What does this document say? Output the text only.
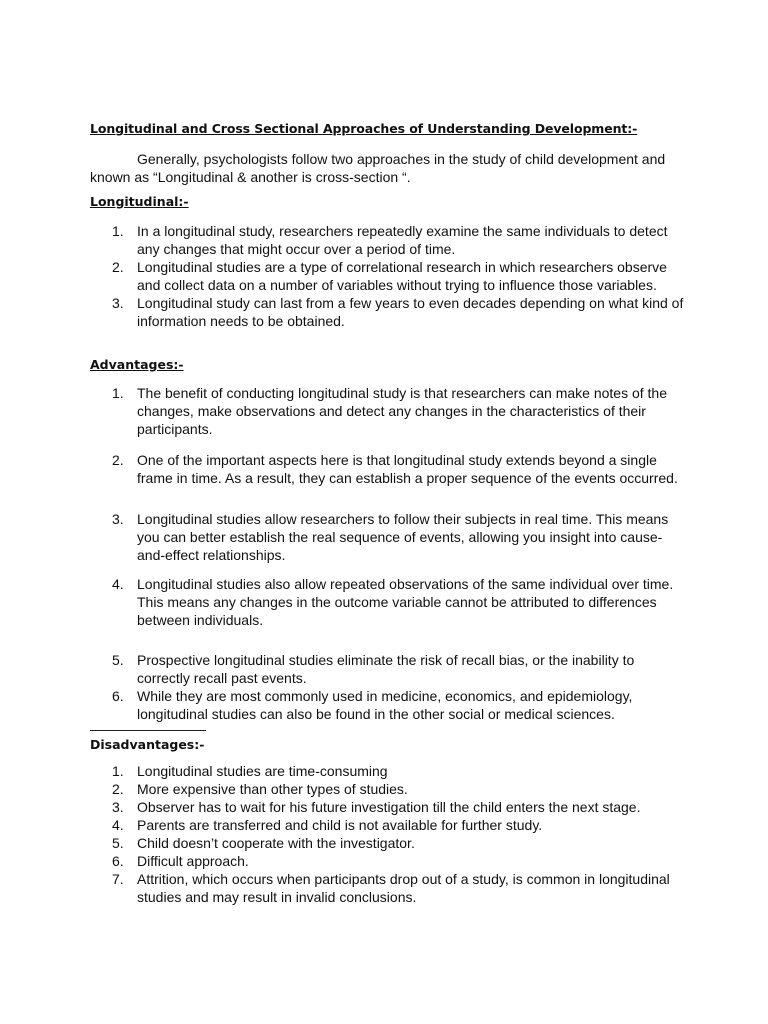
Longitudinal and Cross Sectional Approaches of Understanding Development:-
Generally, psychologists follow two approaches in the study of child development and known as “Longitudinal & another is cross-section “.
Longitudinal:-
1. In a longitudinal study, researchers repeatedly examine the same individuals to detect any changes that might occur over a period of time.
2. Longitudinal studies are a type of correlational research in which researchers observe and collect data on a number of variables without trying to influence those variables.
3. Longitudinal study can last from a few years to even decades depending on what kind of information needs to be obtained.
Advantages:-
1. The benefit of conducting longitudinal study is that researchers can make notes of the changes, make observations and detect any changes in the characteristics of their participants.
2. One of the important aspects here is that longitudinal study extends beyond a single frame in time. As a result, they can establish a proper sequence of the events occurred.
3. Longitudinal studies allow researchers to follow their subjects in real time. This means you can better establish the real sequence of events, allowing you insight into cause-and-effect relationships.
4. Longitudinal studies also allow repeated observations of the same individual over time. This means any changes in the outcome variable cannot be attributed to differences between individuals.
5. Prospective longitudinal studies eliminate the risk of recall bias, or the inability to correctly recall past events.
6. While they are most commonly used in medicine, economics, and epidemiology, longitudinal studies can also be found in the other social or medical sciences.
Disadvantages:-
1. Longitudinal studies are time-consuming
2. More expensive than other types of studies.
3. Observer has to wait for his future investigation till the child enters the next stage.
4. Parents are transferred and child is not available for further study.
5. Child doesn’t cooperate with the investigator.
6. Difficult approach.
7. Attrition, which occurs when participants drop out of a study, is common in longitudinal studies and may result in invalid conclusions.
